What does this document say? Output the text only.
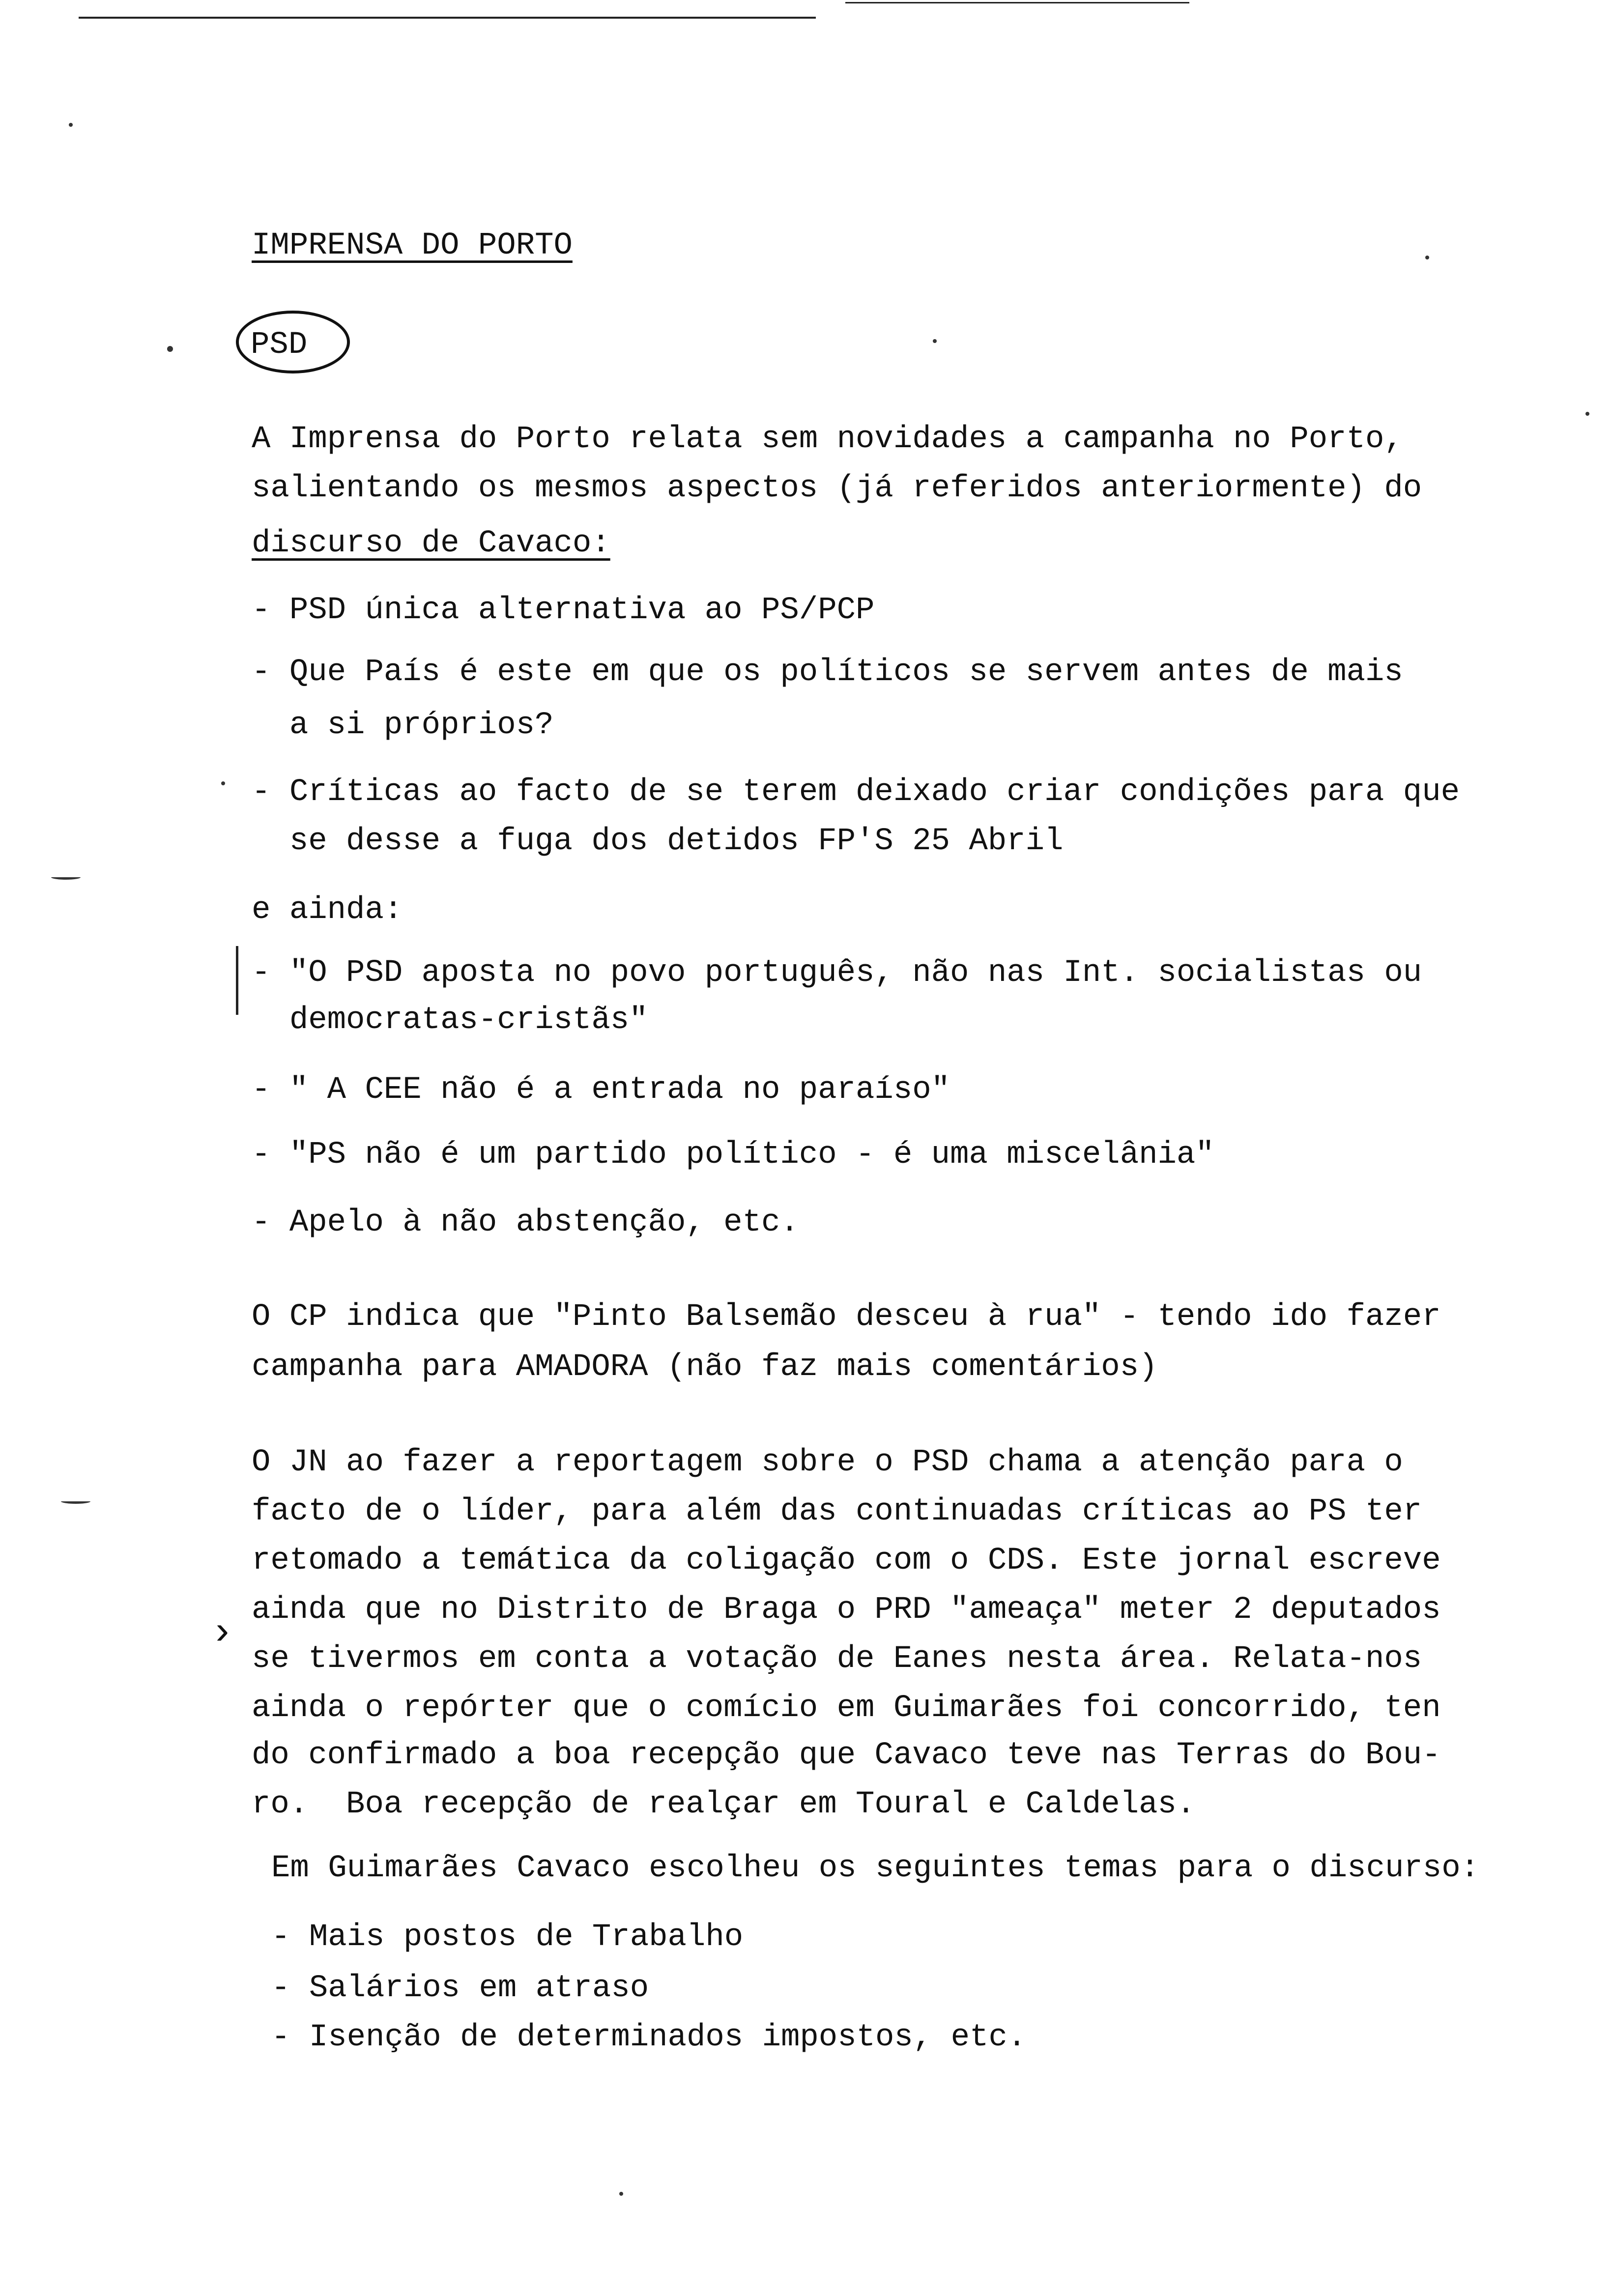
IMPRENSA DO PORTO
PSD
A Imprensa do Porto relata sem novidades a campanha no Porto,
salientando os mesmos aspectos (já referidos anteriormente) do
discurso de Cavaco:
- PSD única alternativa ao PS/PCP
- Que País é este em que os políticos se servem antes de mais
a si próprios?
- Críticas ao facto de se terem deixado criar condições para que
se desse a fuga dos detidos FP'S 25 Abril
e ainda:
- "O PSD aposta no povo português, não nas Int. socialistas ou
democratas-cristãs"
- " A CEE não é a entrada no paraíso"
- "PS não é um partido político - é uma miscelânia"
- Apelo à não abstenção, etc.
O CP indica que "Pinto Balsemão desceu à rua" - tendo ido fazer
campanha para AMADORA (não faz mais comentários)
O JN ao fazer a reportagem sobre o PSD chama a atenção para o
facto de o líder, para além das continuadas críticas ao PS ter
retomado a temática da coligação com o CDS. Este jornal escreve
ainda que no Distrito de Braga o PRD "ameaça" meter 2 deputados
se tivermos em conta a votação de Eanes nesta área. Relata-nos
ainda o repórter que o comício em Guimarães foi concorrido, ten
do confirmado a boa recepção que Cavaco teve nas Terras do Bou-
ro.  Boa recepção de realçar em Toural e Caldelas.
›
Em Guimarães Cavaco escolheu os seguintes temas para o discurso:
- Mais postos de Trabalho
- Salários em atraso
- Isenção de determinados impostos, etc.
